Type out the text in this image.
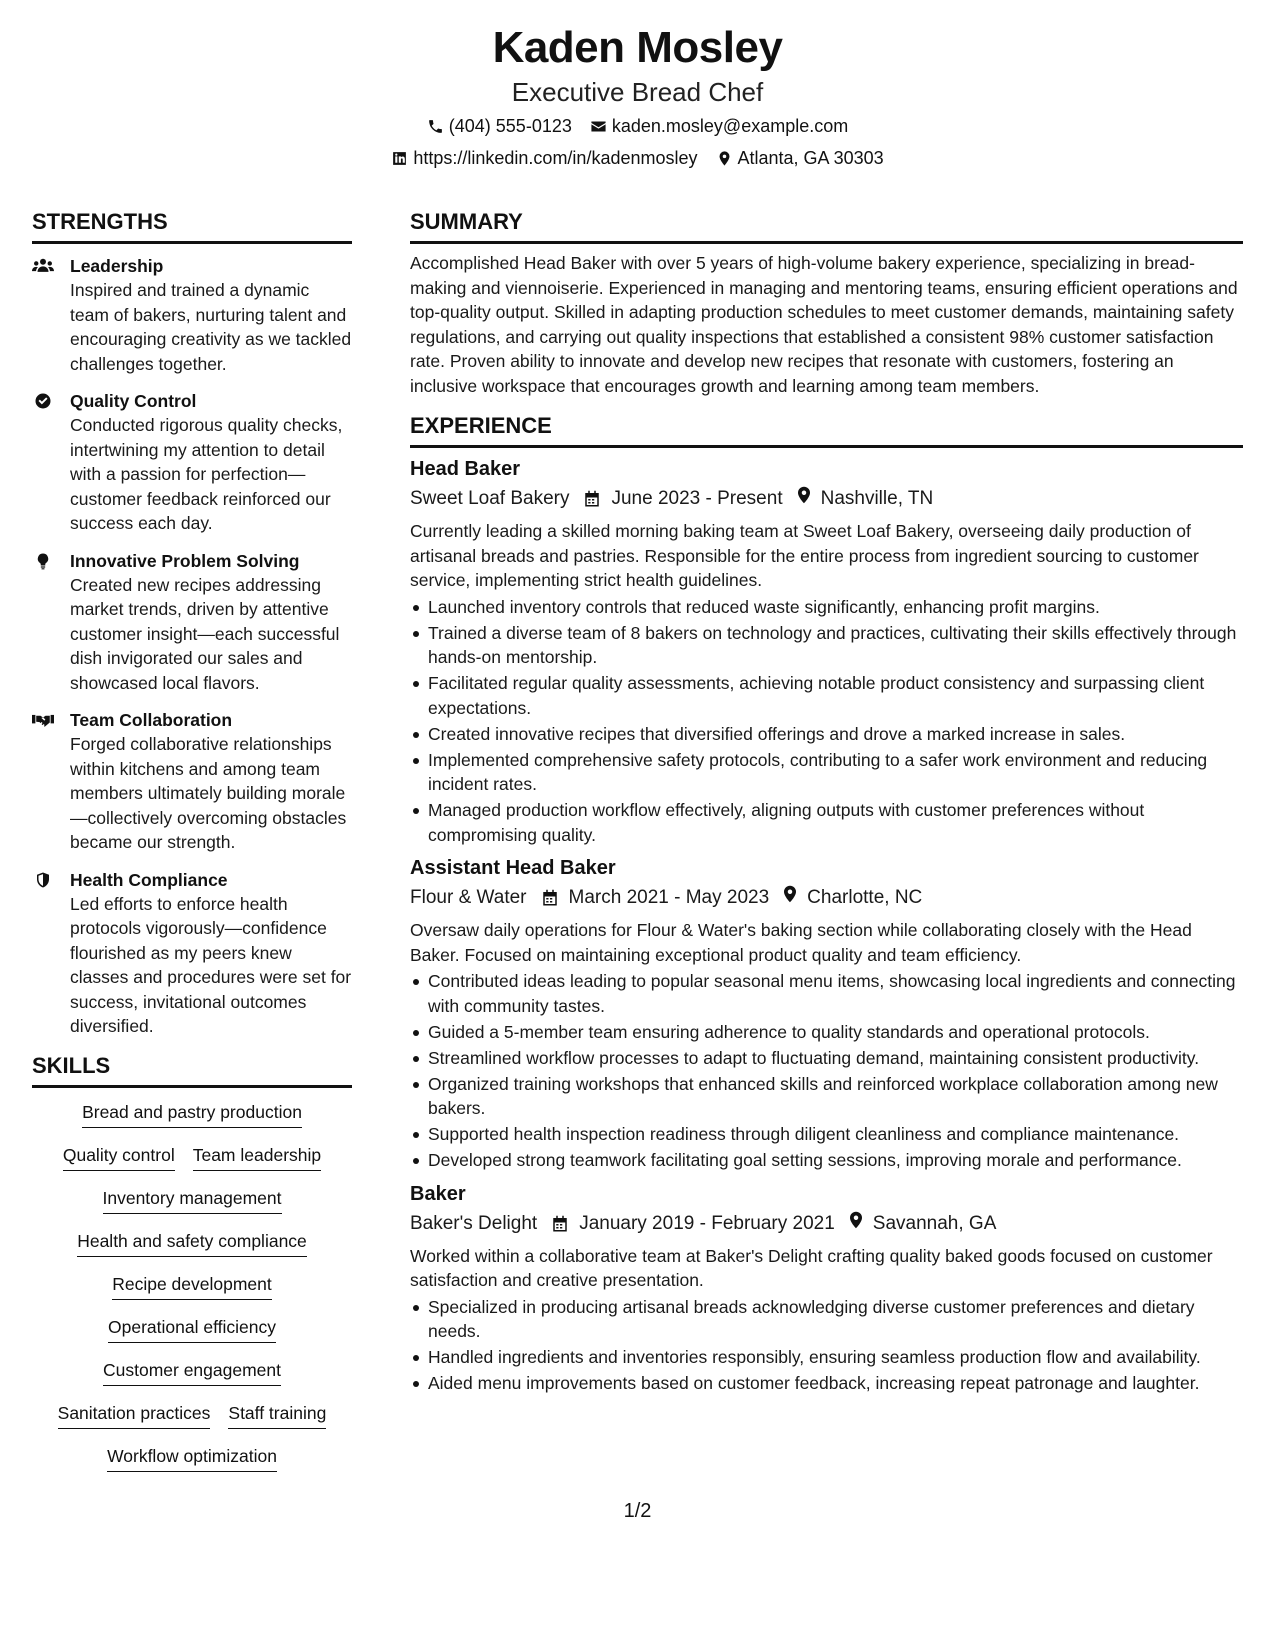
Kaden Mosley
Executive Bread Chef
(404) 555-0123 kaden.mosley@example.com
https://linkedin.com/in/kadenmosley Atlanta, GA 30303
STRENGTHS
Leadership
Inspired and trained a dynamic team of bakers, nurturing talent and encouraging creativity as we tackled challenges together.
Quality Control
Conducted rigorous quality checks, intertwining my attention to detail with a passion for perfection—customer feedback reinforced our success each day.
Innovative Problem Solving
Created new recipes addressing market trends, driven by attentive customer insight—each successful dish invigorated our sales and showcased local flavors.
Team Collaboration
Forged collaborative relationships within kitchens and among team members ultimately building morale—collectively overcoming obstacles became our strength.
Health Compliance
Led efforts to enforce health protocols vigorously—confidence flourished as my peers knew classes and procedures were set for success, invitational outcomes diversified.
SKILLS
Bread and pastry production
Quality control Team leadership
Inventory management
Health and safety compliance
Recipe development
Operational efficiency
Customer engagement
Sanitation practices Staff training
Workflow optimization
SUMMARY
Accomplished Head Baker with over 5 years of high-volume bakery experience, specializing in bread-making and viennoiserie. Experienced in managing and mentoring teams, ensuring efficient operations and top-quality output. Skilled in adapting production schedules to meet customer demands, maintaining safety regulations, and carrying out quality inspections that established a consistent 98% customer satisfaction rate. Proven ability to innovate and develop new recipes that resonate with customers, fostering an inclusive workspace that encourages growth and learning among team members.
EXPERIENCE
Head Baker
Sweet Loaf Bakery June 2023 - Present Nashville, TN
Currently leading a skilled morning baking team at Sweet Loaf Bakery, overseeing daily production of artisanal breads and pastries. Responsible for the entire process from ingredient sourcing to customer service, implementing strict health guidelines.
Launched inventory controls that reduced waste significantly, enhancing profit margins.
Trained a diverse team of 8 bakers on technology and practices, cultivating their skills effectively through hands-on mentorship.
Facilitated regular quality assessments, achieving notable product consistency and surpassing client expectations.
Created innovative recipes that diversified offerings and drove a marked increase in sales.
Implemented comprehensive safety protocols, contributing to a safer work environment and reducing incident rates.
Managed production workflow effectively, aligning outputs with customer preferences without compromising quality.
Assistant Head Baker
Flour & Water March 2021 - May 2023 Charlotte, NC
Oversaw daily operations for Flour & Water's baking section while collaborating closely with the Head Baker. Focused on maintaining exceptional product quality and team efficiency.
Contributed ideas leading to popular seasonal menu items, showcasing local ingredients and connecting with community tastes.
Guided a 5-member team ensuring adherence to quality standards and operational protocols.
Streamlined workflow processes to adapt to fluctuating demand, maintaining consistent productivity.
Organized training workshops that enhanced skills and reinforced workplace collaboration among new bakers.
Supported health inspection readiness through diligent cleanliness and compliance maintenance.
Developed strong teamwork facilitating goal setting sessions, improving morale and performance.
Baker
Baker's Delight January 2019 - February 2021 Savannah, GA
Worked within a collaborative team at Baker's Delight crafting quality baked goods focused on customer satisfaction and creative presentation.
Specialized in producing artisanal breads acknowledging diverse customer preferences and dietary needs.
Handled ingredients and inventories responsibly, ensuring seamless production flow and availability.
Aided menu improvements based on customer feedback, increasing repeat patronage and laughter.
1/2
